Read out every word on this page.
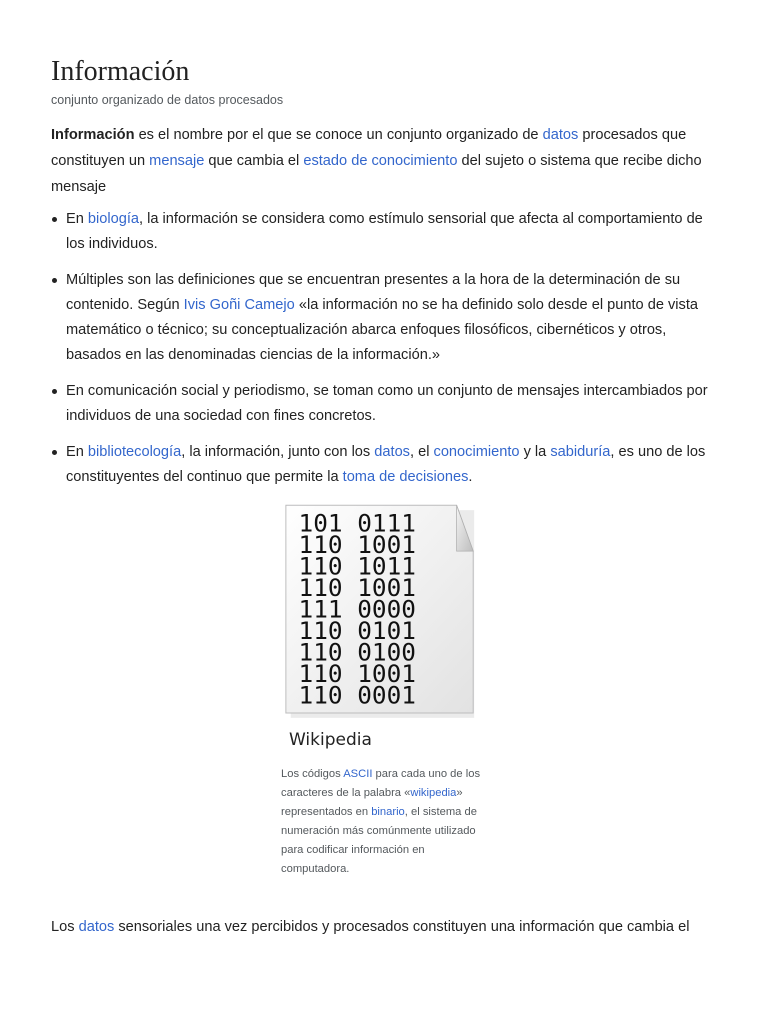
Información
conjunto organizado de datos procesados

Información es el nombre por el que se conoce un conjunto organizado de datos procesados que constituyen un mensaje que cambia el estado de conocimiento del sujeto o sistema que recibe dicho mensaje

En biología, la información se considera como estímulo sensorial que afecta al comportamiento de los individuos.
Múltiples son las definiciones que se encuentran presentes a la hora de la determinación de su contenido. Según Ivis Goñi Camejo «la información no se ha definido solo desde el punto de vista matemático o técnico; su conceptualización abarca enfoques filosóficos, cibernéticos y otros, basados en las denominadas ciencias de la información.»
En comunicación social y periodismo, se toman como un conjunto de mensajes intercambiados por individuos de una sociedad con fines concretos.
En bibliotecología, la información, junto con los datos, el conocimiento y la sabiduría, es uno de los constituyentes del continuo que permite la toma de decisiones.
101 0111
110 1001
110 1011
110 1001
111 0000
110 0101
110 0100
110 1001
110 0001
Wikipedia
Los códigos ASCII para cada uno de los caracteres de la palabra «wikipedia» representados en binario, el sistema de numeración más comúnmente utilizado para codificar información en computadora.

Los datos sensoriales una vez percibidos y procesados constituyen una información que cambia el
